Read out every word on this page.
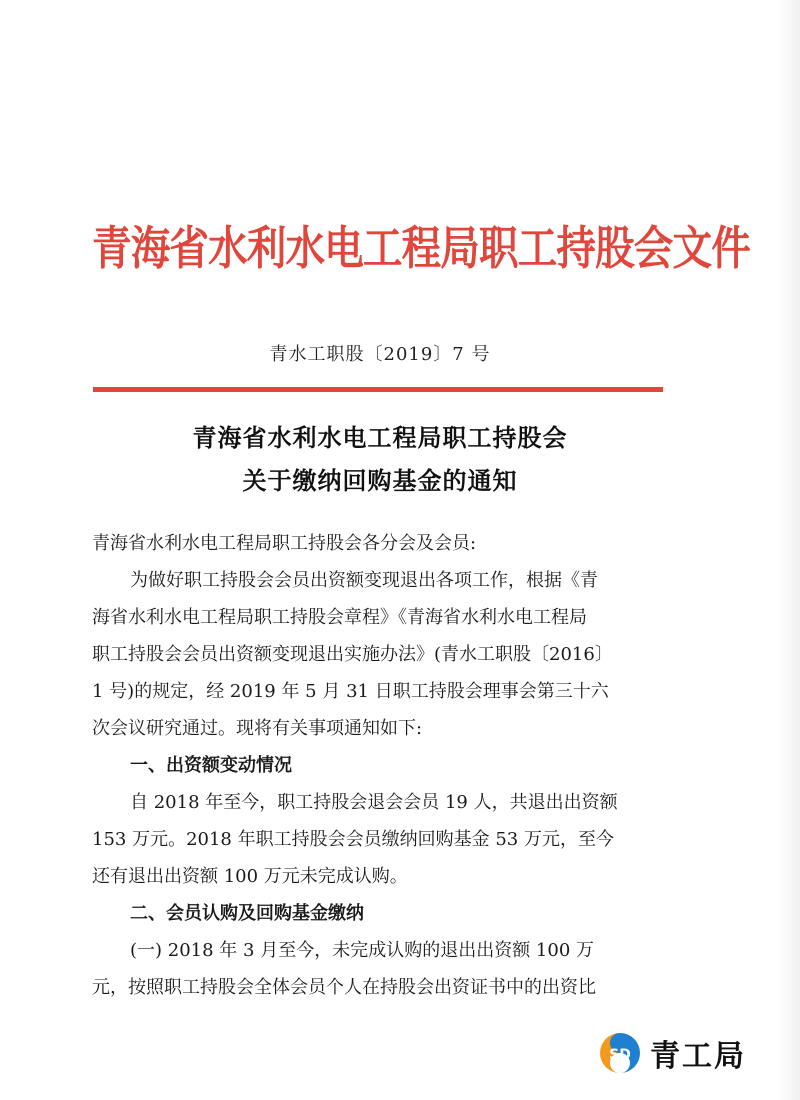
青海省水利水电工程局职工持股会文件
青水工职股〔2019〕7 号
青海省水利水电工程局职工持股会
关于缴纳回购基金的通知
青海省水利水电工程局职工持股会各分会及会员:
为做好职工持股会会员出资额变现退出各项工作，根据《青
海省水利水电工程局职工持股会章程》《青海省水利水电工程局
职工持股会会员出资额变现退出实施办法》(青水工职股〔2016〕
1 号)的规定，经 2019 年 5 月 31 日职工持股会理事会第三十六
次会议研究通过。现将有关事项通知如下:
一、出资额变动情况
自 2018 年至今，职工持股会退会会员 19 人，共退出出资额
153 万元。2018 年职工持股会会员缴纳回购基金 53 万元，至今
还有退出出资额 100 万元未完成认购。
二、会员认购及回购基金缴纳
(一) 2018 年 3 月至今，未完成认购的退出出资额 100 万
元，按照职工持股会全体会员个人在持股会出资证书中的出资比
SD 青工局
